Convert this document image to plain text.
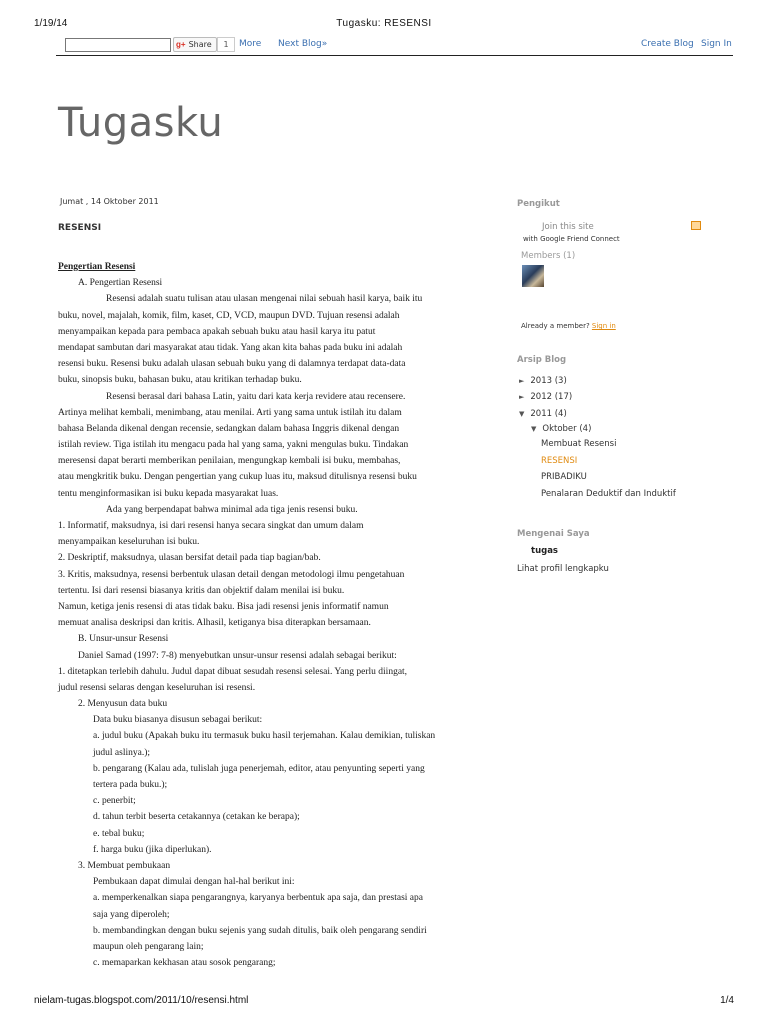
1/19/14	Tugasku: RESENSI
g+ Share	1	More Next Blog»	Create Blog Sign In
Tugasku
Jumat , 14 Oktober 2011
RESENSI
Pengertian Resensi
A. Pengertian Resensi
Resensi adalah suatu tulisan atau ulasan mengenai nilai sebuah hasil karya, baik itu
buku, novel, majalah, komik, film, kaset, CD, VCD, maupun DVD. Tujuan resensi adalah
menyampaikan kepada para pembaca apakah sebuah buku atau hasil karya itu patut
mendapat sambutan dari masyarakat atau tidak. Yang akan kita bahas pada buku ini adalah
resensi buku. Resensi buku adalah ulasan sebuah buku yang di dalamnya terdapat data-data
buku, sinopsis buku, bahasan buku, atau kritikan terhadap buku.
Resensi berasal dari bahasa Latin, yaitu dari kata kerja revidere atau recensere.
Artinya melihat kembali, menimbang, atau menilai. Arti yang sama untuk istilah itu dalam
bahasa Belanda dikenal dengan recensie, sedangkan dalam bahasa Inggris dikenal dengan
istilah review. Tiga istilah itu mengacu pada hal yang sama, yakni mengulas buku. Tindakan
meresensi dapat berarti memberikan penilaian, mengungkap kembali isi buku, membahas,
atau mengkritik buku. Dengan pengertian yang cukup luas itu, maksud ditulisnya resensi buku
tentu menginformasikan isi buku kepada masyarakat luas.
Ada yang berpendapat bahwa minimal ada tiga jenis resensi buku.
1. Informatif, maksudnya, isi dari resensi hanya secara singkat dan umum dalam
menyampaikan keseluruhan isi buku.
2. Deskriptif, maksudnya, ulasan bersifat detail pada tiap bagian/bab.
3. Kritis, maksudnya, resensi berbentuk ulasan detail dengan metodologi ilmu pengetahuan
tertentu. Isi dari resensi biasanya kritis dan objektif dalam menilai isi buku.
Namun, ketiga jenis resensi di atas tidak baku. Bisa jadi resensi jenis informatif namun
memuat analisa deskripsi dan kritis. Alhasil, ketiganya bisa diterapkan bersamaan.
B. Unsur-unsur Resensi
Daniel Samad (1997: 7-8) menyebutkan unsur-unsur resensi adalah sebagai berikut:
1. ditetapkan terlebih dahulu. Judul dapat dibuat sesudah resensi selesai. Yang perlu diingat,
judul resensi selaras dengan keseluruhan isi resensi.
2. Menyusun data buku
Data buku biasanya disusun sebagai berikut:
a. judul buku (Apakah buku itu termasuk buku hasil terjemahan. Kalau demikian, tuliskan
judul aslinya.);
b. pengarang (Kalau ada, tulislah juga penerjemah, editor, atau penyunting seperti yang
tertera pada buku.);
c. penerbit;
d. tahun terbit beserta cetakannya (cetakan ke berapa);
e. tebal buku;
f. harga buku (jika diperlukan).
3. Membuat pembukaan
Pembukaan dapat dimulai dengan hal-hal berikut ini:
a. memperkenalkan siapa pengarangnya, karyanya berbentuk apa saja, dan prestasi apa
saja yang diperoleh;
b. membandingkan dengan buku sejenis yang sudah ditulis, baik oleh pengarang sendiri
maupun oleh pengarang lain;
c. memaparkan kekhasan atau sosok pengarang;
Pengikut
Join this site
with Google Friend Connect
Members (1)
Already a member? Sign in
Arsip Blog
► 2013 (3)
► 2012 (17)
▼ 2011 (4)
▼ Oktober (4)
Membuat Resensi
RESENSI
PRIBADIKU
Penalaran Deduktif dan Induktif
Mengenai Saya
tugas
Lihat profil lengkapku
nielam-tugas.blogspot.com/2011/10/resensi.html	1/4
